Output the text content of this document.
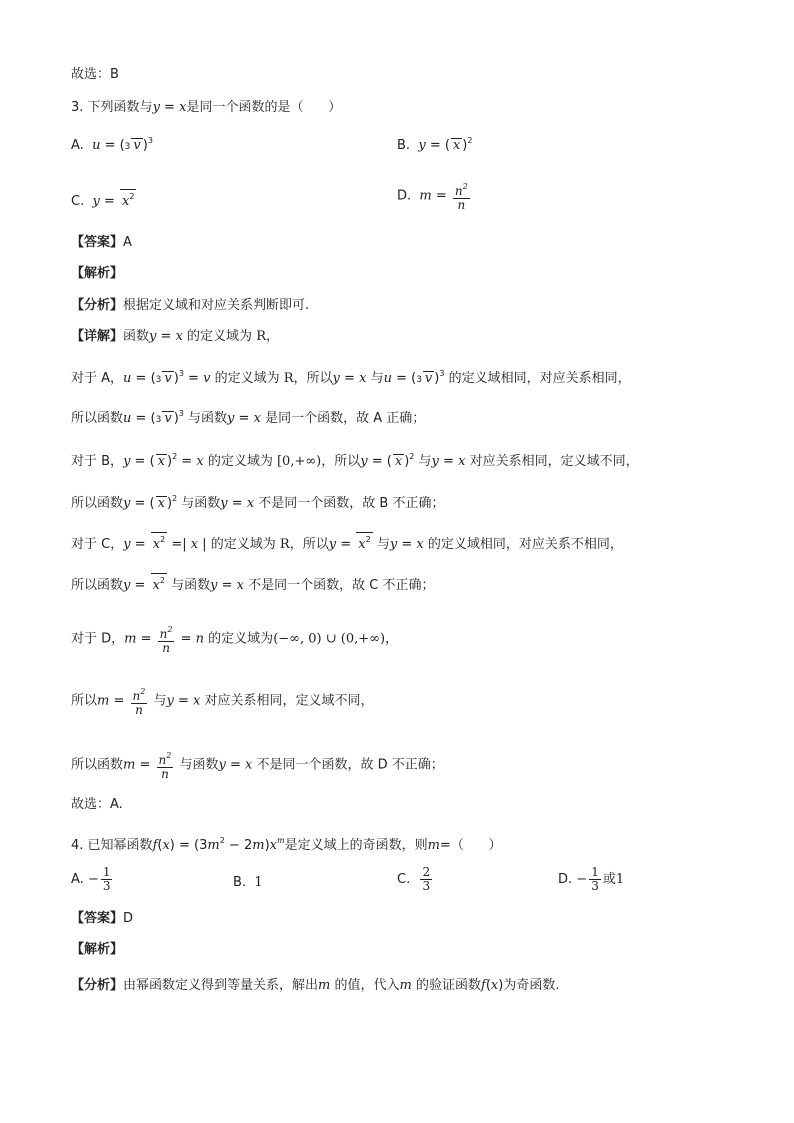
故选：B
3. 下列函数与y = x是同一个函数的是（ ）
A. u = (3 v )$^3$	B. y = ( x )$^2$
C. $y = x^2$	D. $m = \frac{n^2}{n}$
【答案】A
【解析】
【分析】根据定义域和对应关系判断即可.
【详解】函数y = x 的定义域为 R，
对于 A，u = (3 v )$^3$ = v 的定义域为 R，所以y = x 与u = (3 v )$^3$ 的定义域相同，对应关系相同，
所以函数u = (3 v )$^3$ 与函数y = x 是同一个函数，故 A 正确；
对于 B，y = ( x )$^2$ = x 的定义域为 [0,+∞)，所以y = ( x )$^2$ 与y = x 对应关系相同，定义域不同，
所以函数y = ( x )$^2$ 与函数y = x 不是同一个函数，故 B 不正确；
对于 C，$y = x^2$ =| x | 的定义域为 R，所以$y = x^2$ 与y = x 的定义域相同，对应关系不相同，
所以函数$y = x^2$ 与函数y = x 不是同一个函数，故 C 不正确；
对于 D，$m = \frac{n^2}{n} = n$ 的定义域为(−∞, 0) ∪ (0,+∞)，
所以$m = \frac{n^2}{n}$ 与y = x 对应关系相同，定义域不同，
所以函数$m = \frac{n^2}{n}$ 与函数y = x 不是同一个函数，故 D 不正确；
故选：A.
4. 已知幂函数$f(x) = (3m^2 - 2m)x^m$是定义域上的奇函数，则m=（ ）
A. − $\frac{1}{3}$	B. 1	C. $\frac{2}{3}$	D. − $\frac{1}{3}$ 或1
【答案】D
【解析】
【分析】由幂函数定义得到等量关系，解出m 的值，代入m 的验证函数f(x)为奇函数.
